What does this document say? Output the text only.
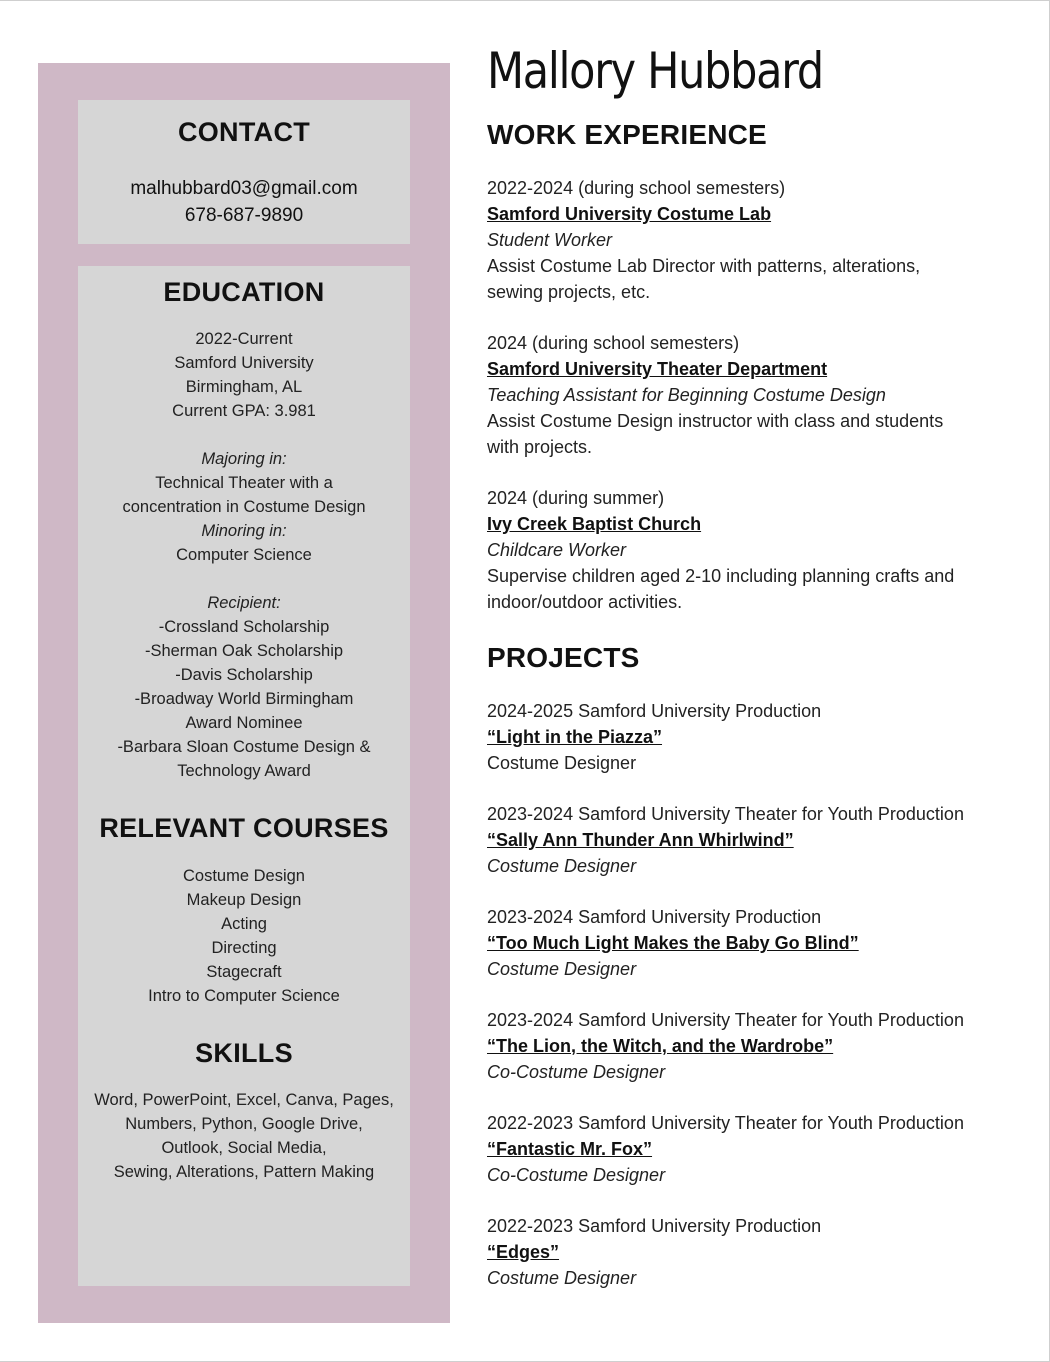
CONTACT
malhubbard03@gmail.com
678-687-9890
EDUCATION
2022-Current
Samford University
Birmingham, AL
Current GPA: 3.981
Majoring in:
Technical Theater with a
concentration in Costume Design
Minoring in:
Computer Science
Recipient:
-Crossland Scholarship
-Sherman Oak Scholarship
-Davis Scholarship
-Broadway World Birmingham
Award Nominee
-Barbara Sloan Costume Design &
Technology Award
RELEVANT COURSES
Costume Design
Makeup Design
Acting
Directing
Stagecraft
Intro to Computer Science
SKILLS
Word, PowerPoint, Excel, Canva, Pages,
Numbers, Python, Google Drive,
Outlook, Social Media,
Sewing, Alterations, Pattern Making
Mallory Hubbard
WORK EXPERIENCE
2022-2024 (during school semesters)
Samford University Costume Lab
Student Worker
Assist Costume Lab Director with patterns, alterations,
sewing projects, etc.
2024 (during school semesters)
Samford University Theater Department
Teaching Assistant for Beginning Costume Design
Assist Costume Design instructor with class and students
with projects.
2024 (during summer)
Ivy Creek Baptist Church
Childcare Worker
Supervise children aged 2-10 including planning crafts and
indoor/outdoor activities.
PROJECTS
2024-2025 Samford University Production
“Light in the Piazza”
Costume Designer
2023-2024 Samford University Theater for Youth Production
“Sally Ann Thunder Ann Whirlwind”
Costume Designer
2023-2024 Samford University Production
“Too Much Light Makes the Baby Go Blind”
Costume Designer
2023-2024 Samford University Theater for Youth Production
“The Lion, the Witch, and the Wardrobe”
Co-Costume Designer
2022-2023 Samford University Theater for Youth Production
“Fantastic Mr. Fox”
Co-Costume Designer
2022-2023 Samford University Production
“Edges”
Costume Designer
